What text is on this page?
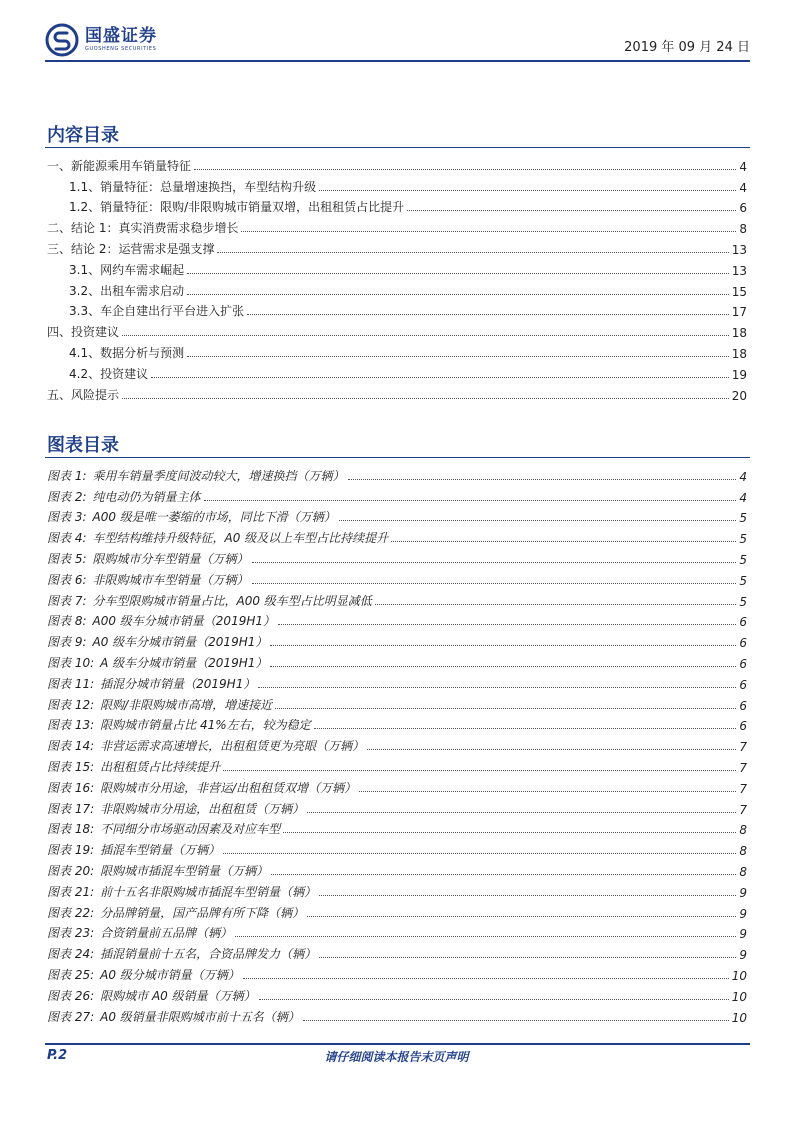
国盛证券
GUOSHENG SECURITIES	2019 年 09 月 24 日
内容目录
一、新能源乘用车销量特征	4
1.1、销量特征：总量增速换挡，车型结构升级	4
1.2、销量特征：限购/非限购城市销量双增，出租租赁占比提升	6
二、结论 1：真实消费需求稳步增长	8
三、结论 2：运营需求是强支撑	13
3.1、网约车需求崛起	13
3.2、出租车需求启动	15
3.3、车企自建出行平台进入扩张	17
四、投资建议	18
4.1、数据分析与预测	18
4.2、投资建议	19
五、风险提示	20
图表目录
图表 1: 乘用车销量季度间波动较大，增速换挡（万辆）	4
图表 2: 纯电动仍为销量主体	4
图表 3: A00 级是唯一萎缩的市场，同比下滑（万辆）	5
图表 4: 车型结构维持升级特征，A0 级及以上车型占比持续提升	5
图表 5: 限购城市分车型销量（万辆）	5
图表 6: 非限购城市车型销量（万辆）	5
图表 7: 分车型限购城市销量占比，A00 级车型占比明显减低	5
图表 8: A00 级车分城市销量（2019H1）	6
图表 9: A0 级车分城市销量（2019H1）	6
图表 10: A 级车分城市销量（2019H1）	6
图表 11: 插混分城市销量（2019H1）	6
图表 12: 限购/非限购城市高增，增速接近	6
图表 13: 限购城市销量占比 41%左右，较为稳定	6
图表 14: 非营运需求高速增长，出租租赁更为亮眼（万辆）	7
图表 15: 出租租赁占比持续提升	7
图表 16: 限购城市分用途，非营运/出租租赁双增（万辆）	7
图表 17: 非限购城市分用途，出租租赁（万辆）	7
图表 18: 不同细分市场驱动因素及对应车型	8
图表 19: 插混车型销量（万辆）	8
图表 20: 限购城市插混车型销量（万辆）	8
图表 21: 前十五名非限购城市插混车型销量（辆）	9
图表 22: 分品牌销量，国产品牌有所下降（辆）	9
图表 23: 合资销量前五品牌（辆）	9
图表 24: 插混销量前十五名，合资品牌发力（辆）	9
图表 25: A0 级分城市销量（万辆）	10
图表 26: 限购城市 A0 级销量（万辆）	10
图表 27: A0 级销量非限购城市前十五名（辆）	10
请仔细阅读本报告末页声明
P.2
